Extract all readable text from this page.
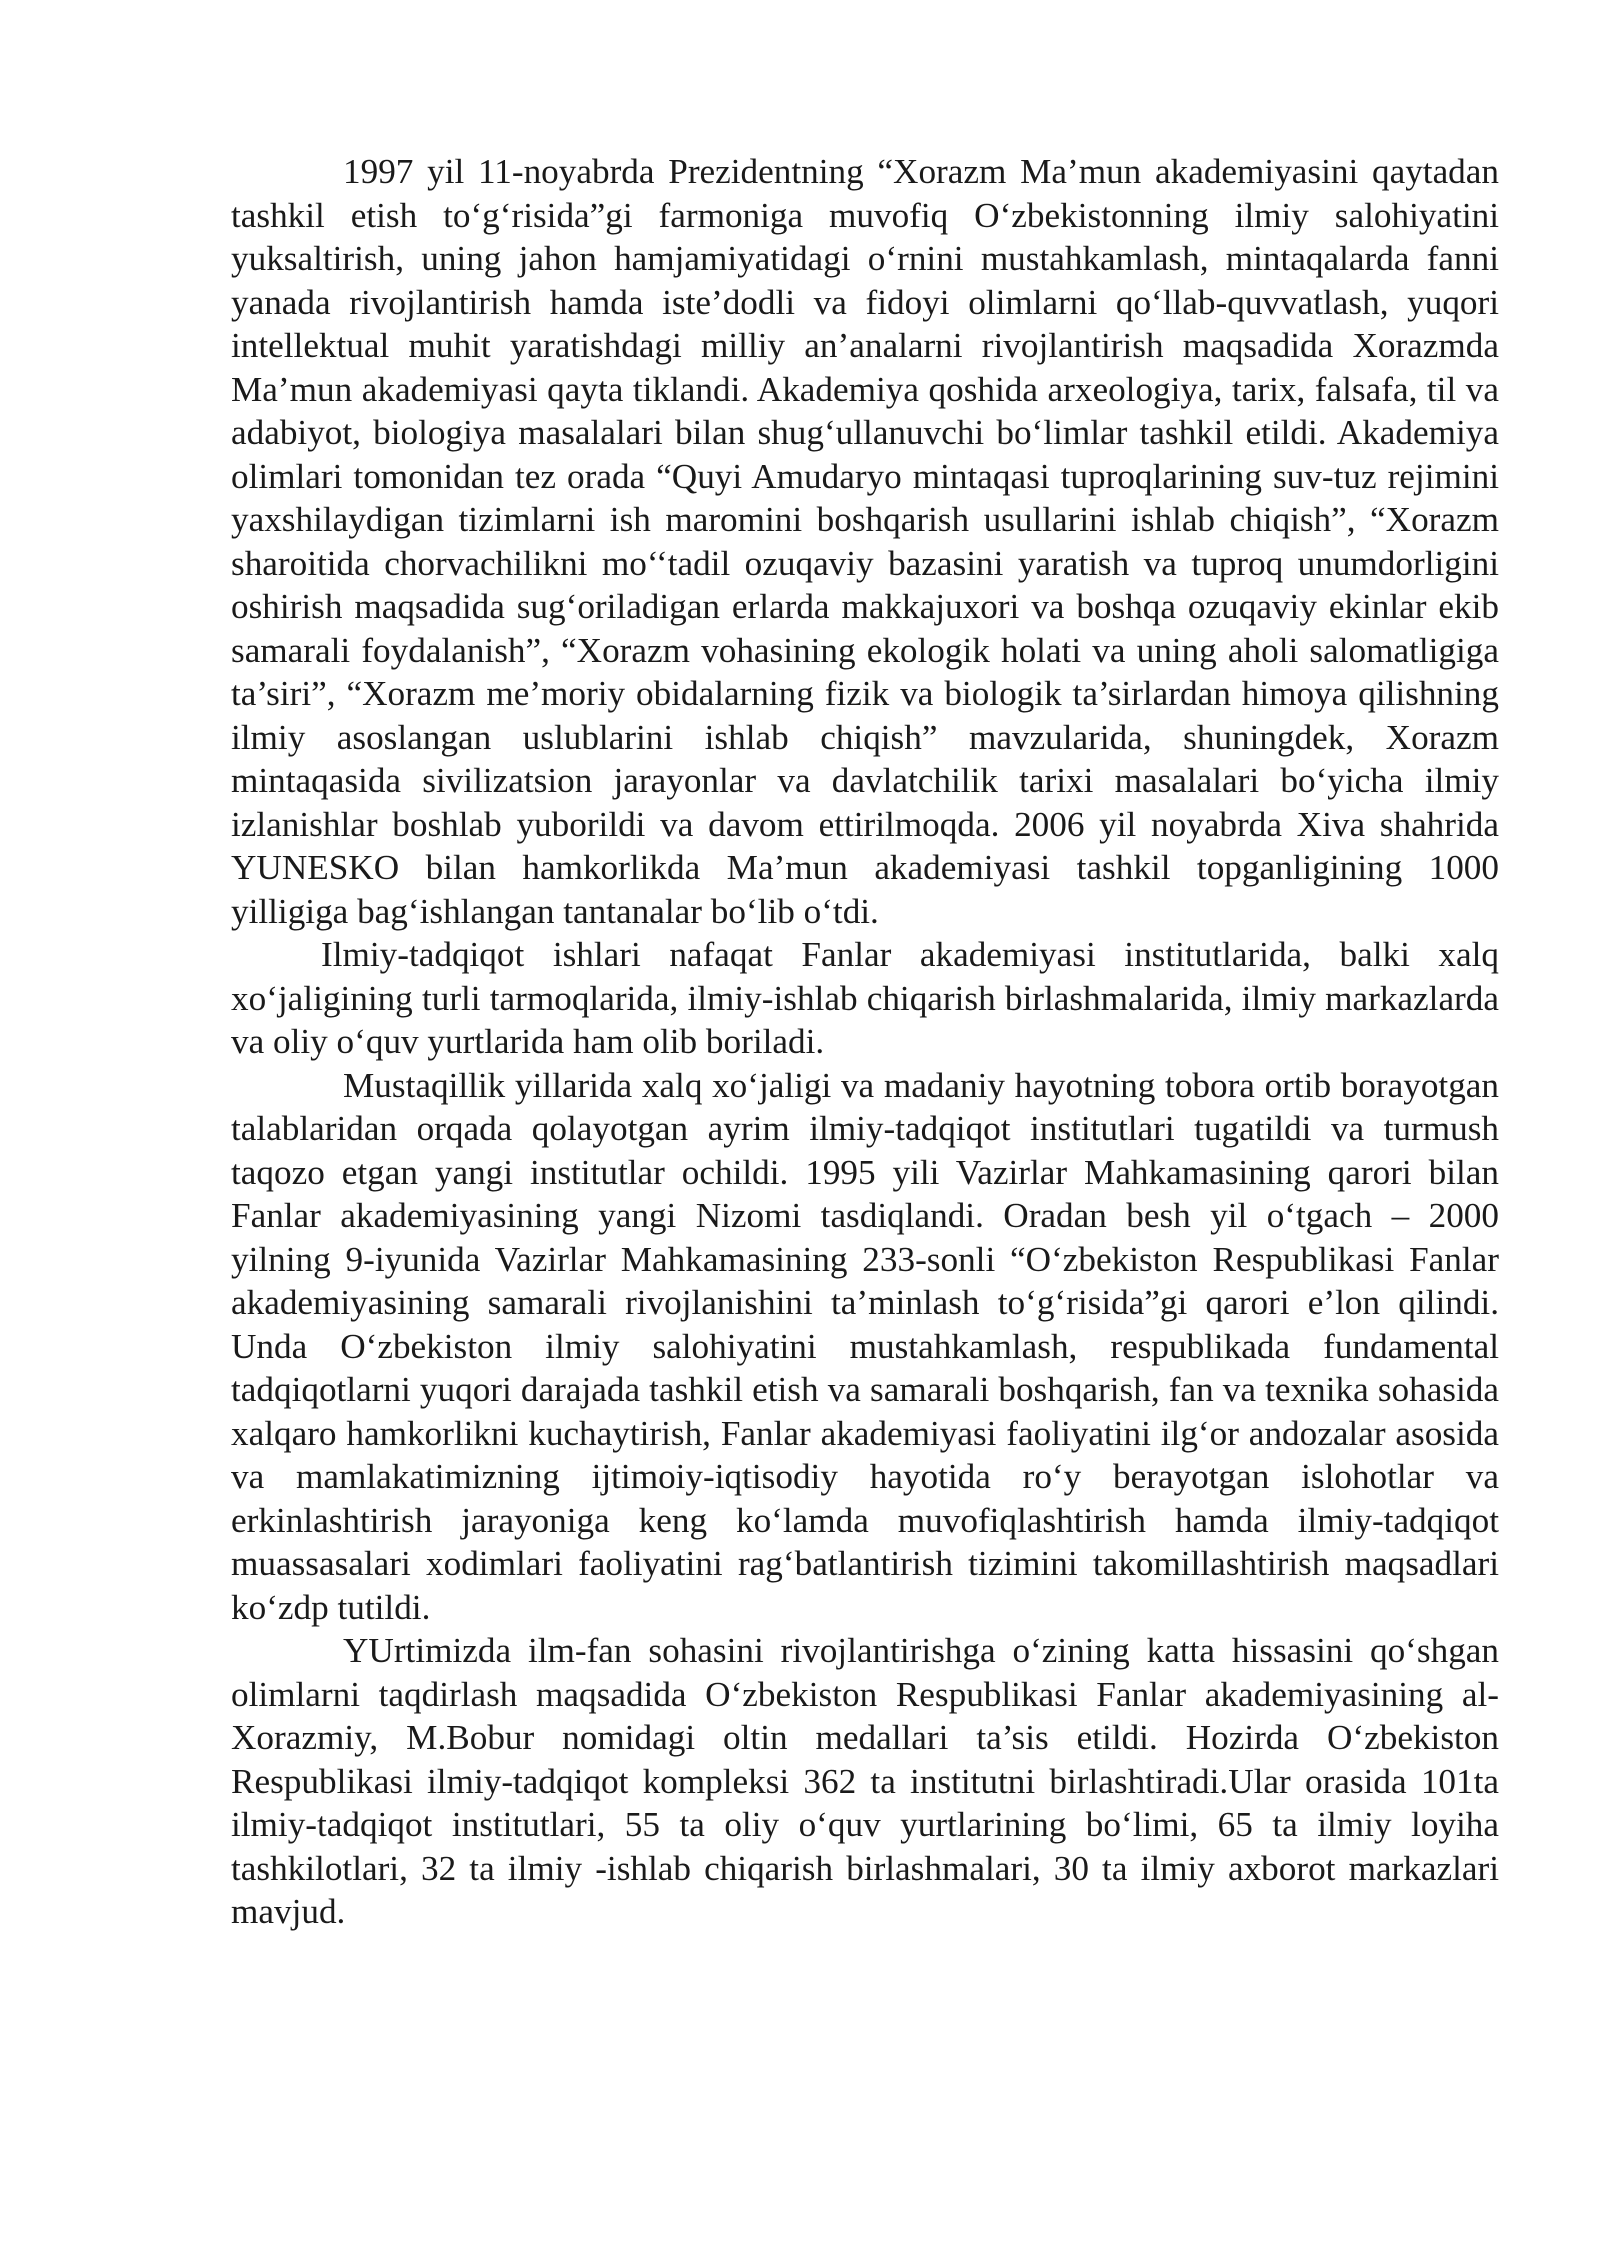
1997 yil 11-noyabrda Prezidentning “Xorazm Ma’mun akademiyasini qaytadan tashkil etish to‘g‘risida”gi farmoniga muvofiq O‘zbekistonning ilmiy salohiyatini yuksaltirish, uning jahon hamjamiyatidagi o‘rnini mustahkamlash, mintaqalarda fanni yanada rivojlantirish hamda iste’dodli va fidoyi olimlarni qo‘llab-quvvatlash, yuqori intellektual muhit yaratishdagi milliy an’analarni rivojlantirish maqsadida Xorazmda Ma’mun akademiyasi qayta tiklandi. Akademiya qoshida arxeologiya, tarix, falsafa, til va adabiyot, biologiya masalalari bilan shug‘ullanuvchi bo‘limlar tashkil etildi. Akademiya olimlari tomonidan tez orada “Quyi Amudaryo mintaqasi tuproqlarining suv-tuz rejimini yaxshilaydigan tizimlarni ish maromini boshqarish usullarini ishlab chiqish”, “Xorazm sharoitida chorvachilikni mo‘‘tadil ozuqaviy bazasini yaratish va tuproq unumdorligini oshirish maqsadida sug‘oriladigan erlarda makkajuxori va boshqa ozuqaviy ekinlar ekib samarali foydalanish”, “Xorazm vohasining ekologik holati va uning aholi salomatligiga ta’siri”, “Xorazm me’moriy obidalarning fizik va biologik ta’sirlardan himoya qilishning ilmiy asoslangan uslublarini ishlab chiqish” mavzularida, shuningdek, Xorazm mintaqasida sivilizatsion jarayonlar va davlatchilik tarixi masalalari bo‘yicha ilmiy izlanishlar boshlab yuborildi va davom ettirilmoqda. 2006 yil noyabrda Xiva shahrida YUNESKO bilan hamkorlikda Ma’mun akademiyasi tashkil topganligining 1000 yilligiga bag‘ishlangan tantanalar bo‘lib o‘tdi.

Ilmiy-tadqiqot ishlari nafaqat Fanlar akademiyasi institutlarida, balki xalq xo‘jaligining turli tarmoqlarida, ilmiy-ishlab chiqarish birlashmalarida, ilmiy markazlarda va oliy o‘quv yurtlarida ham olib boriladi.

Mustaqillik yillarida xalq xo‘jaligi va madaniy hayotning tobora ortib borayotgan talablaridan orqada qolayotgan ayrim ilmiy-tadqiqot institutlari tugatildi va turmush taqozo etgan yangi institutlar ochildi. 1995 yili Vazirlar Mahkamasining qarori bilan Fanlar akademiyasining yangi Nizomi tasdiqlandi. Oradan besh yil o‘tgach – 2000 yilning 9-iyunida Vazirlar Mahkamasining 233-sonli “O‘zbekiston Respublikasi Fanlar akademiyasining samarali rivojlanishini ta’minlash to‘g‘risida”gi qarori e’lon qilindi. Unda O‘zbekiston ilmiy salohiyatini mustahkamlash, respublikada fundamental tadqiqotlarni yuqori darajada tashkil etish va samarali boshqarish, fan va texnika sohasida xalqaro hamkorlikni kuchaytirish, Fanlar akademiyasi faoliyatini ilg‘or andozalar asosida va mamlakatimizning ijtimoiy-iqtisodiy hayotida ro‘y berayotgan islohotlar va erkinlashtirish jarayoniga keng ko‘lamda muvofiqlashtirish hamda ilmiy-tadqiqot muassasalari xodimlari faoliyatini rag‘batlantirish tizimini takomillashtirish maqsadlari ko‘zdp tutildi.

YUrtimizda ilm-fan sohasini rivojlantirishga o‘zining katta hissasini qo‘shgan olimlarni taqdirlash maqsadida O‘zbekiston Respublikasi Fanlar akademiyasining al-Xorazmiy, M.Bobur nomidagi oltin medallari ta’sis etildi. Hozirda O‘zbekiston Respublikasi ilmiy-tadqiqot kompleksi 362 ta institutni birlashtiradi.Ular orasida 101ta ilmiy-tadqiqot institutlari, 55 ta oliy o‘quv yurtlarining bo‘limi, 65 ta ilmiy loyiha tashkilotlari, 32 ta ilmiy -ishlab chiqarish birlashmalari, 30 ta ilmiy axborot markazlari mavjud.
